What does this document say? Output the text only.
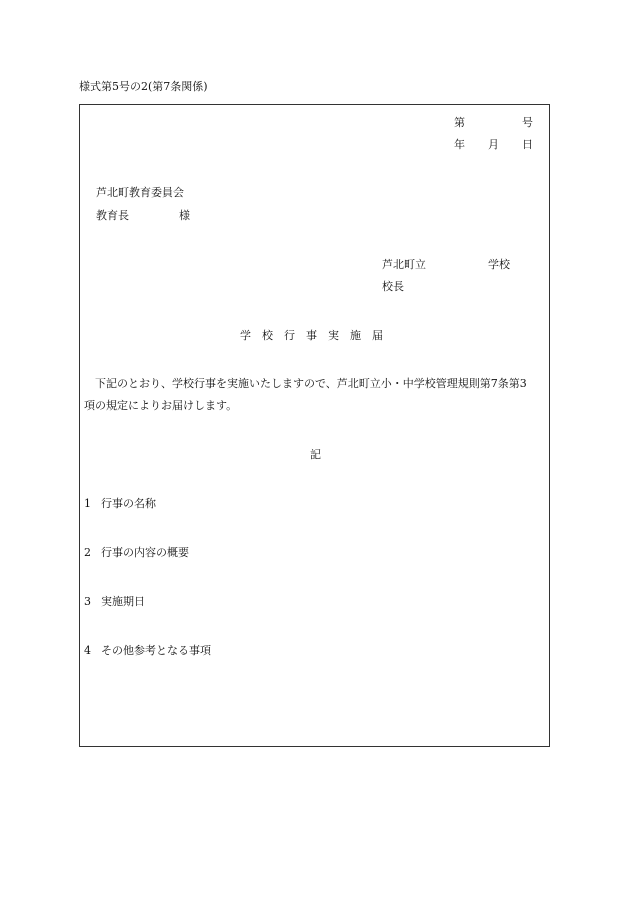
様式第5号の2(第7条関係)
第	号
年 月 日
芦北町教育委員会
教育長	様
芦北町立	学校
校長
学校行事実施届
下記のとおり、学校行事を実施いたしますので、芦北町立小・中学校管理規則第7条第3
項の規定によりお届けします。
記
1 行事の名称
2 行事の内容の概要
3 実施期日
4 その他参考となる事項
